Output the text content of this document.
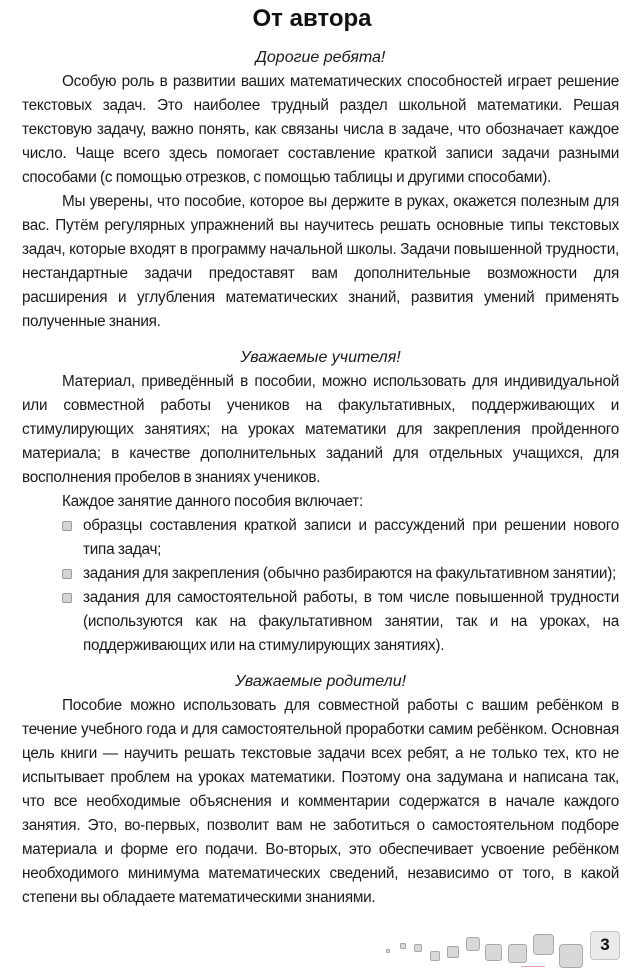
От автора
Дорогие ребята!

Особую роль в развитии ваших математических способностей играет решение текстовых задач. Это наиболее трудный раздел школьной математики. Решая текстовую задачу, важно понять, как связаны числа в задаче, что обозначает каждое число. Чаще всего здесь помогает составление краткой записи задачи разными способами (с помощью отрезков, с помощью таблицы и другими способами).

Мы уверены, что пособие, которое вы держите в руках, окажется полезным для вас. Путём регулярных упражнений вы научитесь решать основные типы текстовых задач, которые входят в программу начальной школы. Задачи повышенной трудности, нестандартные задачи предоставят вам дополнительные возможности для расширения и углубления математических знаний, развития умений применять полученные знания.

Уважаемые учителя!

Материал, приведённый в пособии, можно использовать для индивидуальной или совместной работы учеников на факультативных, поддерживающих и стимулирующих занятиях; на уроках математики для закрепления пройденного материала; в качестве дополнительных заданий для отдельных учащихся, для восполнения пробелов в знаниях учеников.

Каждое занятие данного пособия включает:

образцы составления краткой записи и рассуждений при решении нового типа задач;
задания для закрепления (обычно разбираются на факультативном занятии);
задания для самостоятельной работы, в том числе повышенной трудности (используются как на факультативном занятии, так и на уроках, на поддерживающих или на стимулирующих занятиях).
Уважаемые родители!

Пособие можно использовать для совместной работы с вашим ребёнком в течение учебного года и для самостоятельной проработки самим ребёнком. Основная цель книги — научить решать текстовые задачи всех ребят, а не только тех, кто не испытывает проблем на уроках математики. Поэтому она задумана и написана так, что все необходимые объяснения и комментарии содержатся в начале каждого занятия. Это, во-первых, позволит вам не заботиться о самостоятельном подборе материала и форме его подачи. Во-вторых, это обеспечивает усвоение ребёнком необходимого минимума математических сведений, независимо от того, в какой степени вы обладаете математическими знаниями.

3
